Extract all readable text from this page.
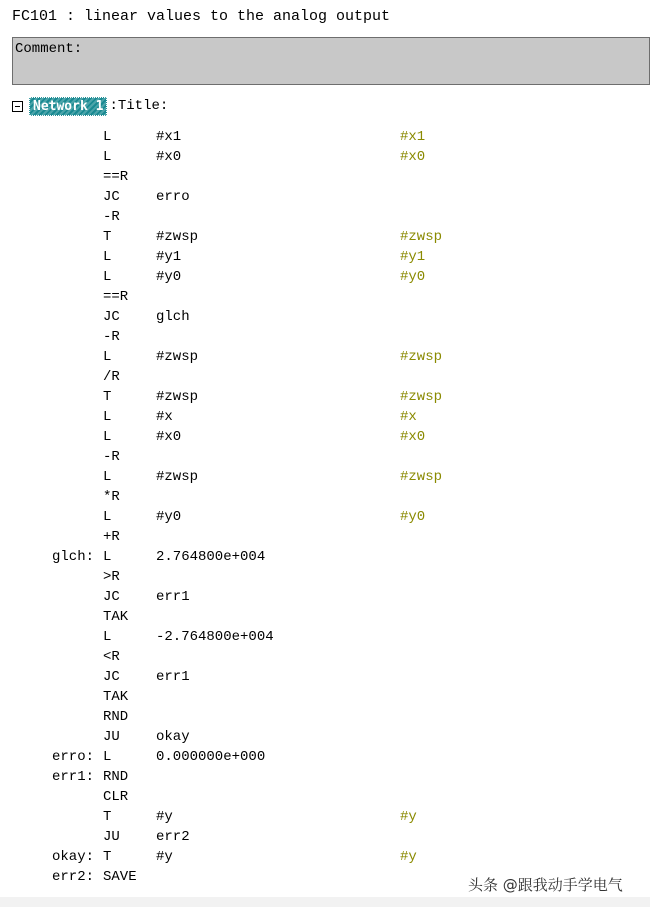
FC101 : linear values to the analog output
Comment:
Network 1 : Title:
L	#x1	#x1
L	#x0	#x0
==R
JC	erro
-R
T	#zwsp	#zwsp
L	#y1	#y1
L	#y0	#y0
==R
JC	glch
-R
L	#zwsp	#zwsp
/R
T	#zwsp	#zwsp
L	#x	#x
L	#x0	#x0
-R
L	#zwsp	#zwsp
*R
L	#y0	#y0
+R
glch: L	2.764800e+004
>R
JC	err1
TAK
L	-2.764800e+004
<R
JC	err1
TAK
RND
JU	okay
erro: L	0.000000e+000
err1: RND
CLR
T	#y	#y
JU	err2
okay: T	#y	#y
err2: SAVE	头条 @跟我动手学电气
